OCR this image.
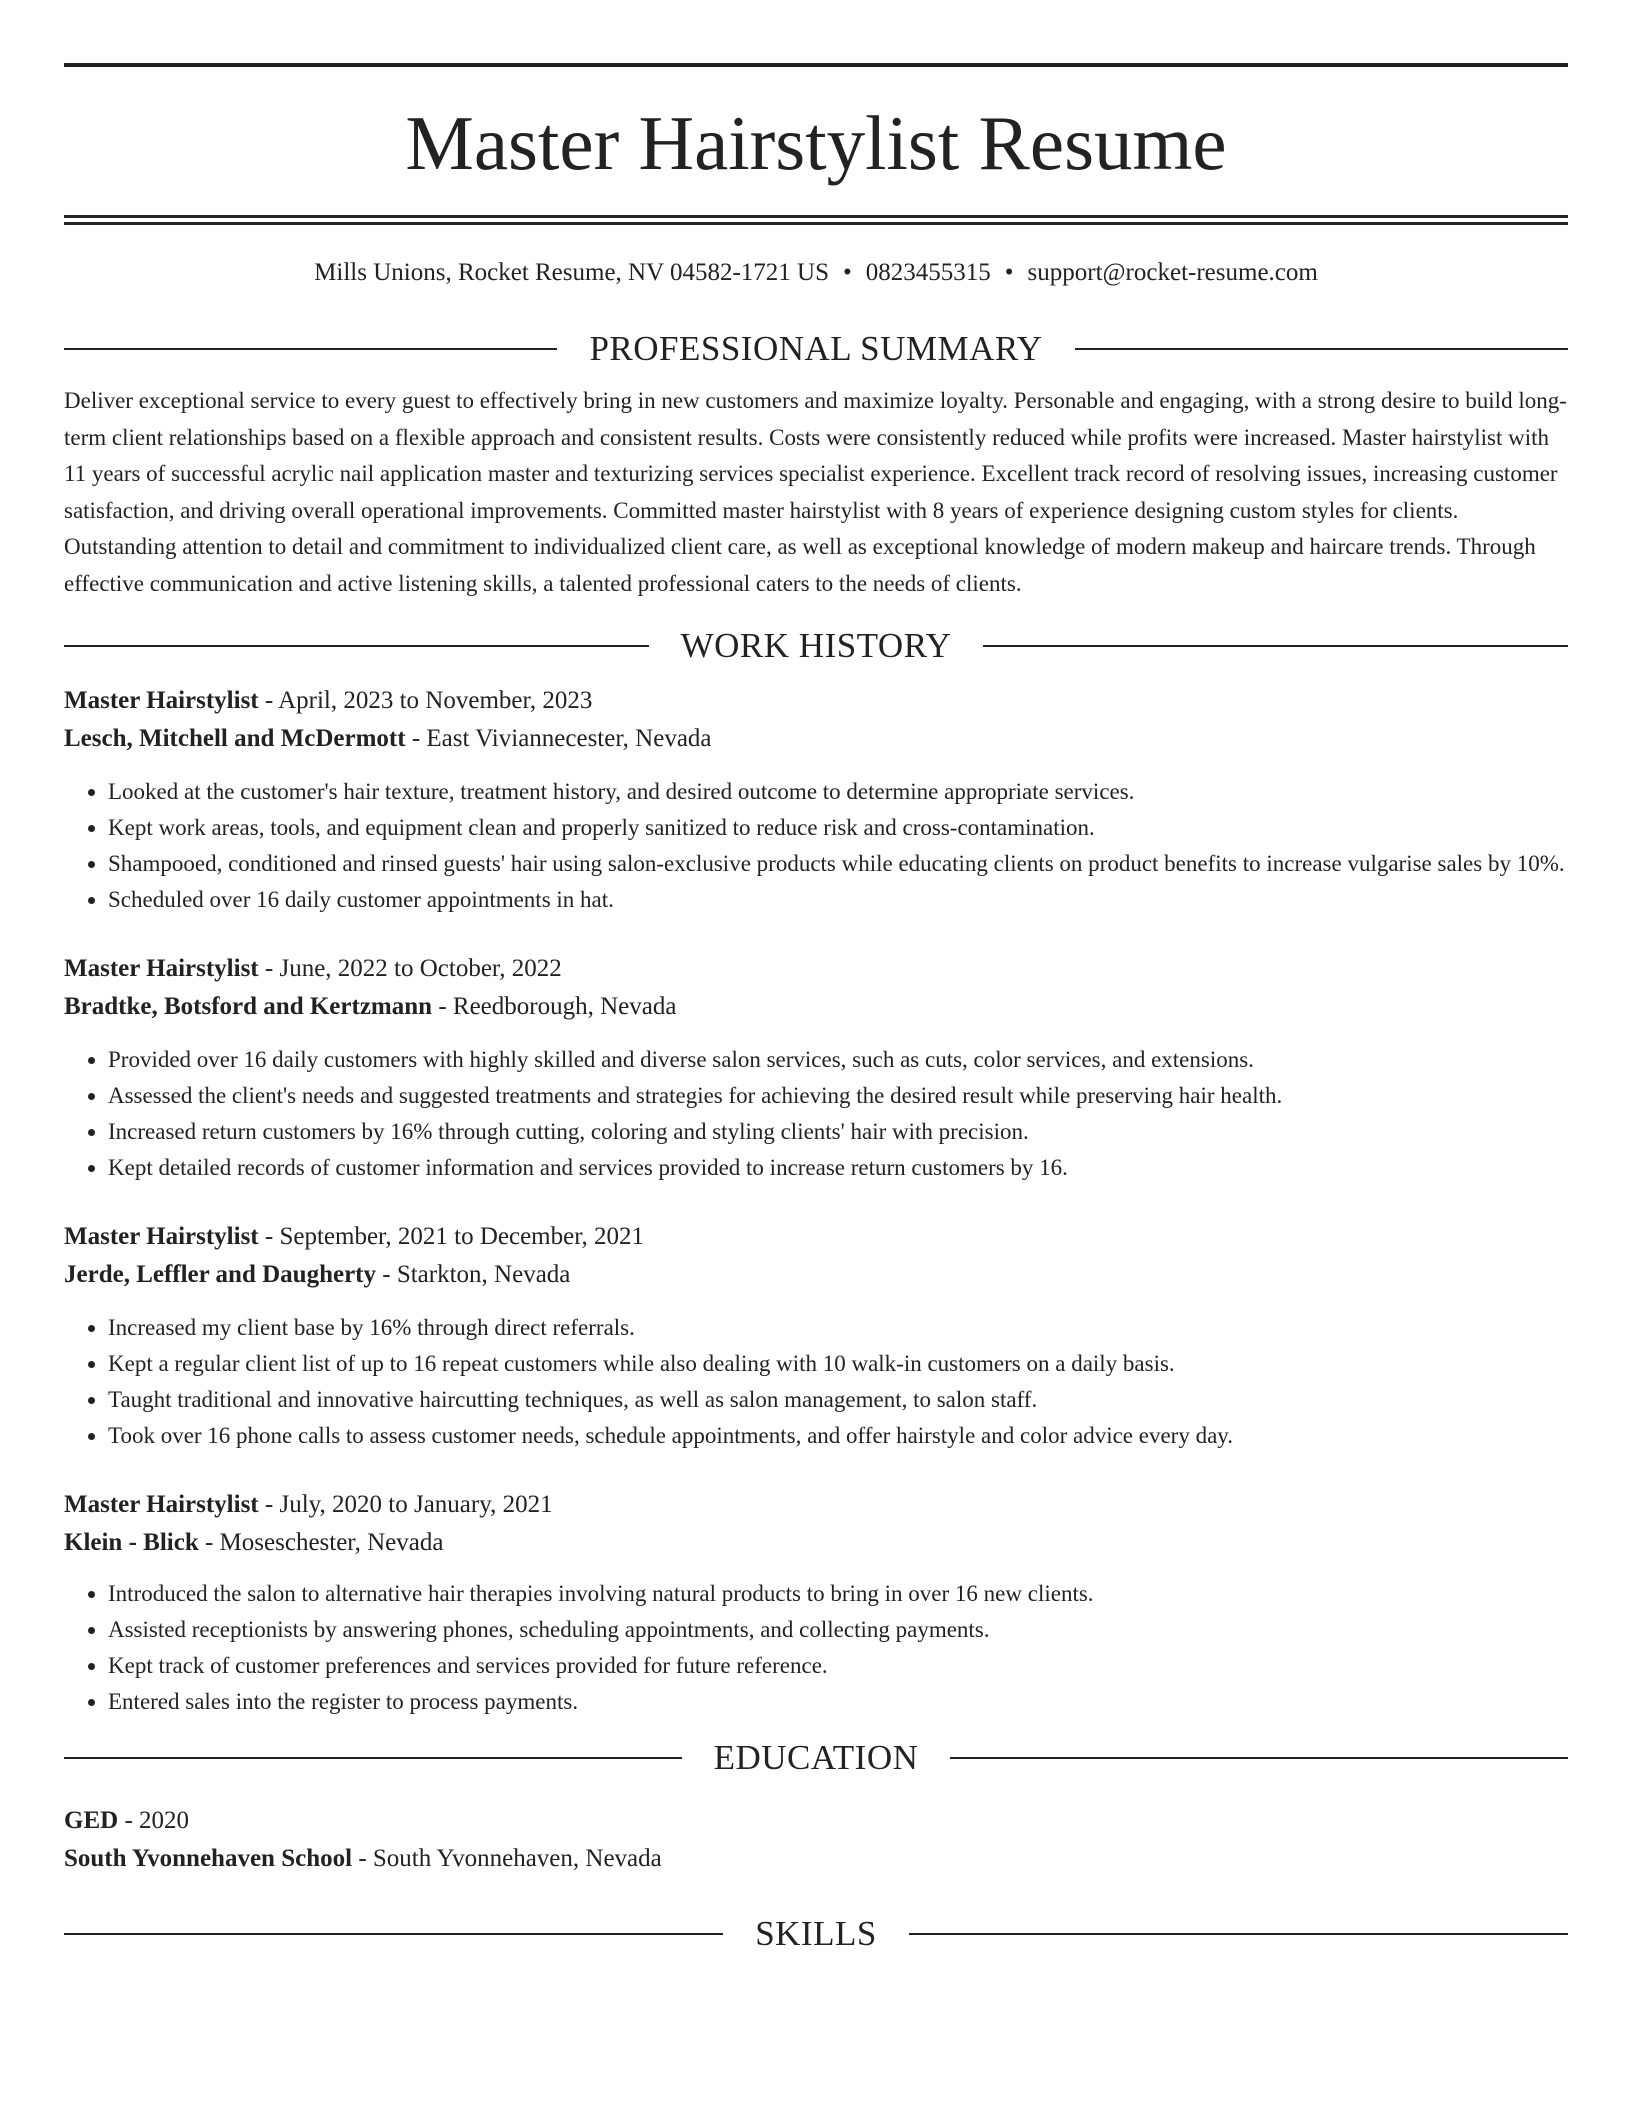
Master Hairstylist Resume
Mills Unions, Rocket Resume, NV 04582-1721 US • 0823455315 • support@rocket-resume.com
PROFESSIONAL SUMMARY

Deliver exceptional service to every guest to effectively bring in new customers and maximize loyalty. Personable and engaging, with a strong desire to build long-term client relationships based on a flexible approach and consistent results. Costs were consistently reduced while profits were increased. Master hairstylist with 11 years of successful acrylic nail application master and texturizing services specialist experience. Excellent track record of resolving issues, increasing customer satisfaction, and driving overall operational improvements. Committed master hairstylist with 8 years of experience designing custom styles for clients. Outstanding attention to detail and commitment to individualized client care, as well as exceptional knowledge of modern makeup and haircare trends. Through effective communication and active listening skills, a talented professional caters to the needs of clients.

WORK HISTORY
Master Hairstylist - April, 2023 to November, 2023
Lesch, Mitchell and McDermott - East Viviannecester, Nevada
• Looked at the customer's hair texture, treatment history, and desired outcome to determine appropriate services.
• Kept work areas, tools, and equipment clean and properly sanitized to reduce risk and cross-contamination.
• Shampooed, conditioned and rinsed guests' hair using salon-exclusive products while educating clients on product benefits to increase vulgarise sales by 10%.
• Scheduled over 16 daily customer appointments in hat.
Master Hairstylist - June, 2022 to October, 2022
Bradtke, Botsford and Kertzmann - Reedborough, Nevada
• Provided over 16 daily customers with highly skilled and diverse salon services, such as cuts, color services, and extensions.
• Assessed the client's needs and suggested treatments and strategies for achieving the desired result while preserving hair health.
• Increased return customers by 16% through cutting, coloring and styling clients' hair with precision.
• Kept detailed records of customer information and services provided to increase return customers by 16.
Master Hairstylist - September, 2021 to December, 2021
Jerde, Leffler and Daugherty - Starkton, Nevada
• Increased my client base by 16% through direct referrals.
• Kept a regular client list of up to 16 repeat customers while also dealing with 10 walk-in customers on a daily basis.
• Taught traditional and innovative haircutting techniques, as well as salon management, to salon staff.
• Took over 16 phone calls to assess customer needs, schedule appointments, and offer hairstyle and color advice every day.
Master Hairstylist - July, 2020 to January, 2021
Klein - Blick - Moseschester, Nevada
• Introduced the salon to alternative hair therapies involving natural products to bring in over 16 new clients.
• Assisted receptionists by answering phones, scheduling appointments, and collecting payments.
• Kept track of customer preferences and services provided for future reference.
• Entered sales into the register to process payments.
EDUCATION
GED - 2020
South Yvonnehaven School - South Yvonnehaven, Nevada
SKILLS
